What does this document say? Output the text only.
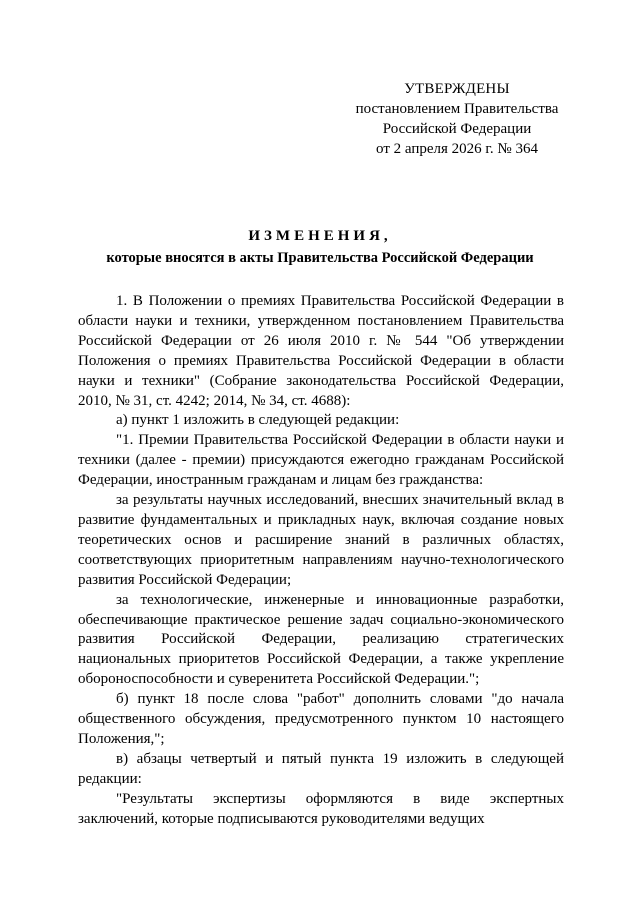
УТВЕРЖДЕНЫ
постановлением Правительства
Российской Федерации
от 2 апреля 2026 г. № 364
ИЗМЕНЕНИЯ,
которые вносятся в акты Правительства Российской Федерации

1. В Положении о премиях Правительства Российской Федерации в области науки и техники, утвержденном постановлением Правительства Российской Федерации от 26 июля 2010 г. № 544 "Об утверждении Положения о премиях Правительства Российской Федерации в области науки и техники" (Собрание законодательства Российской Федерации, 2010, № 31, ст. 4242; 2014, № 34, ст. 4688):

а) пункт 1 изложить в следующей редакции:

"1. Премии Правительства Российской Федерации в области науки и техники (далее - премии) присуждаются ежегодно гражданам Российской Федерации, иностранным гражданам и лицам без гражданства:

за результаты научных исследований, внесших значительный вклад в развитие фундаментальных и прикладных наук, включая создание новых теоретических основ и расширение знаний в различных областях, соответствующих приоритетным направлениям научно-технологического развития Российской Федерации;

за технологические, инженерные и инновационные разработки, обеспечивающие практическое решение задач социально-экономического развития Российской Федерации, реализацию стратегических национальных приоритетов Российской Федерации, а также укрепление обороноспособности и суверенитета Российской Федерации.";

б) пункт 18 после слова "работ" дополнить словами "до начала общественного обсуждения, предусмотренного пунктом 10 настоящего Положения,";

в) абзацы четвертый и пятый пункта 19 изложить в следующей редакции:

"Результаты экспертизы оформляются в виде экспертных заключений, которые подписываются руководителями ведущих
